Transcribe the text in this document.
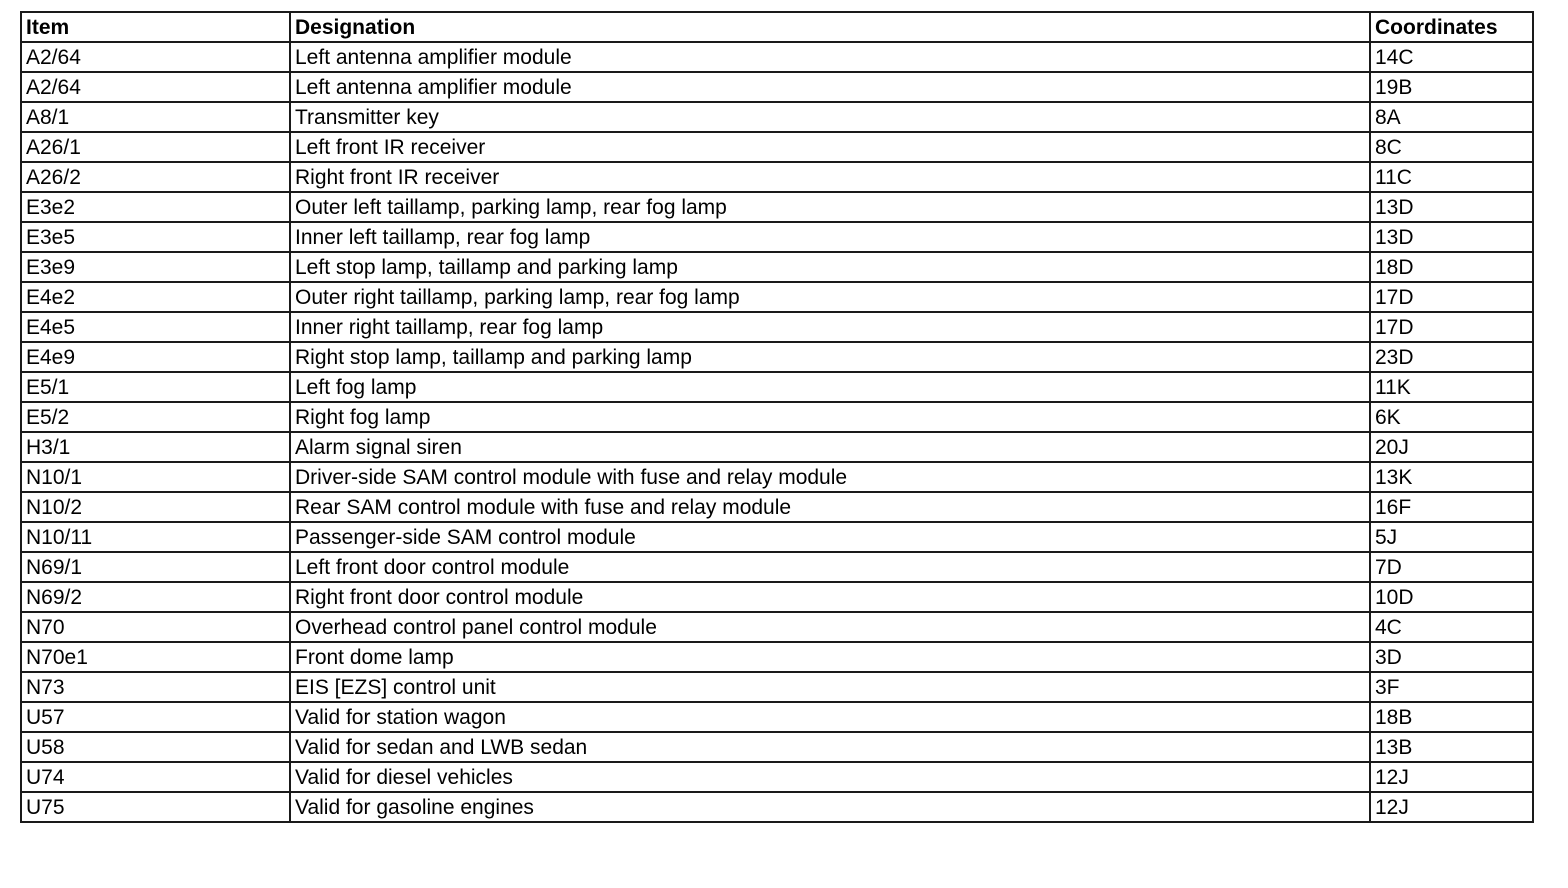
Item	Designation	Coordinates
A2/64	Left antenna amplifier module	14C
A2/64	Left antenna amplifier module	19B
A8/1	Transmitter key	8A
A26/1	Left front IR receiver	8C
A26/2	Right front IR receiver	11C
E3e2	Outer left taillamp, parking lamp, rear fog lamp	13D
E3e5	Inner left taillamp, rear fog lamp	13D
E3e9	Left stop lamp, taillamp and parking lamp	18D
E4e2	Outer right taillamp, parking lamp, rear fog lamp	17D
E4e5	Inner right taillamp, rear fog lamp	17D
E4e9	Right stop lamp, taillamp and parking lamp	23D
E5/1	Left fog lamp	11K
E5/2	Right fog lamp	6K
H3/1	Alarm signal siren	20J
N10/1	Driver-side SAM control module with fuse and relay module	13K
N10/2	Rear SAM control module with fuse and relay module	16F
N10/11	Passenger-side SAM control module	5J
N69/1	Left front door control module	7D
N69/2	Right front door control module	10D
N70	Overhead control panel control module	4C
N70e1	Front dome lamp	3D
N73	EIS [EZS] control unit	3F
U57	Valid for station wagon	18B
U58	Valid for sedan and LWB sedan	13B
U74	Valid for diesel vehicles	12J
U75	Valid for gasoline engines	12J
